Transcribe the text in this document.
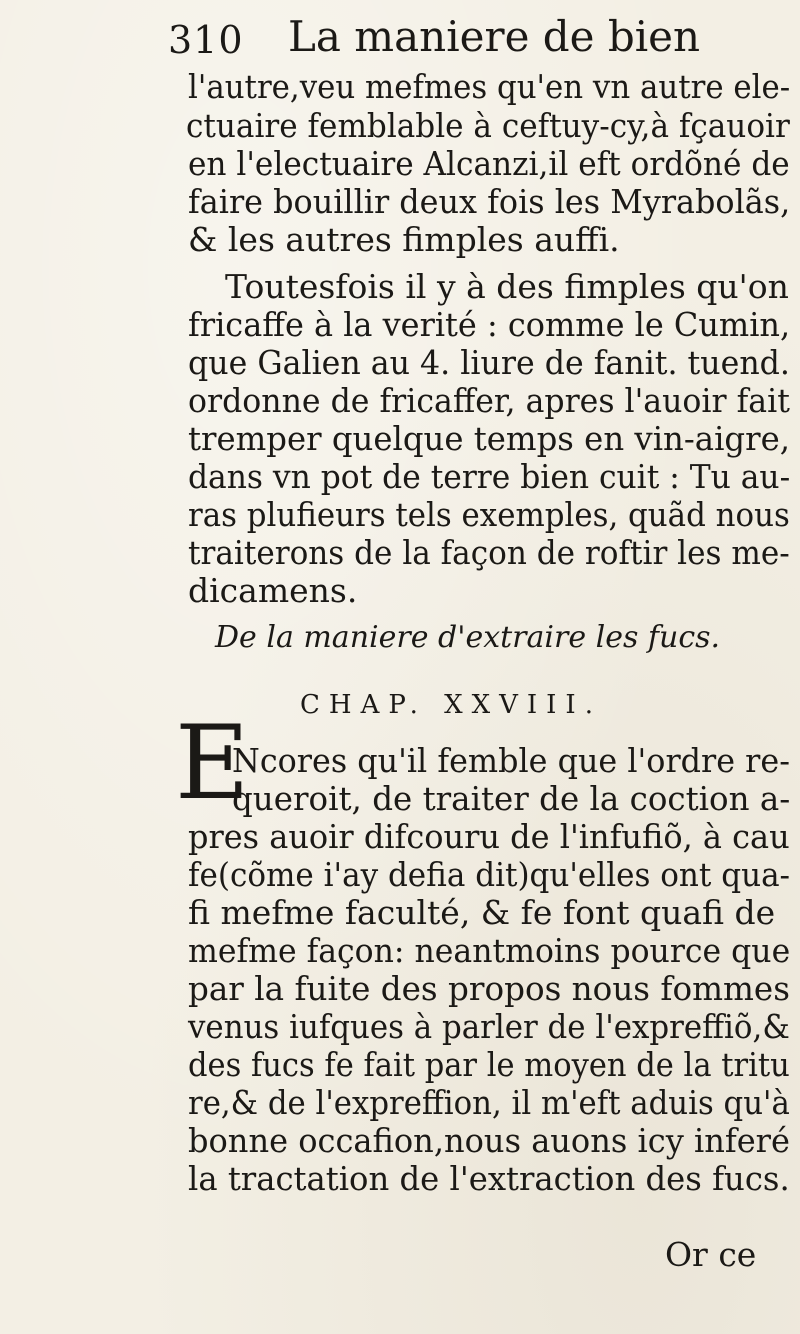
310 La maniere de bien
l'autre,veu mefmes qu'en vn autre ele-
ctuaire femblable à ceftuy-cy,à fçauoir
en l'electuaire Alcanzi,il eft ordõné de
faire bouillir deux fois les Myrabolãs,
& les autres fimples auffi.
Toutesfois il y à des fimples qu'on
fricaffe à la verité : comme le Cumin,
que Galien au 4. liure de fanit. tuend.
ordonne de fricaffer, apres l'auoir fait
tremper quelque temps en vin-aigre,
dans vn pot de terre bien cuit : Tu au-
ras plufieurs tels exemples, quãd nous
traiterons de la façon de roftir les me-
dicamens.
De la maniere d'extraire les fucs.
CHAP. XXVIII.
E
Ncores qu'il femble que l'ordre re-
queroit, de traiter de la coction a-
pres auoir difcouru de l'infufiõ, à cau
fe(cõme i'ay defia dit)qu'elles ont qua-
fi mefme faculté, & fe font quafi de
mefme façon: neantmoins pource que
par la fuite des propos nous fommes
venus iufques à parler de l'expreffiõ,&
des fucs fe fait par le moyen de la tritu
re,& de l'expreffion, il m'eft aduis qu'à
bonne occafion,nous auons icy inferé
la tractation de l'extraction des fucs.
Or ce
